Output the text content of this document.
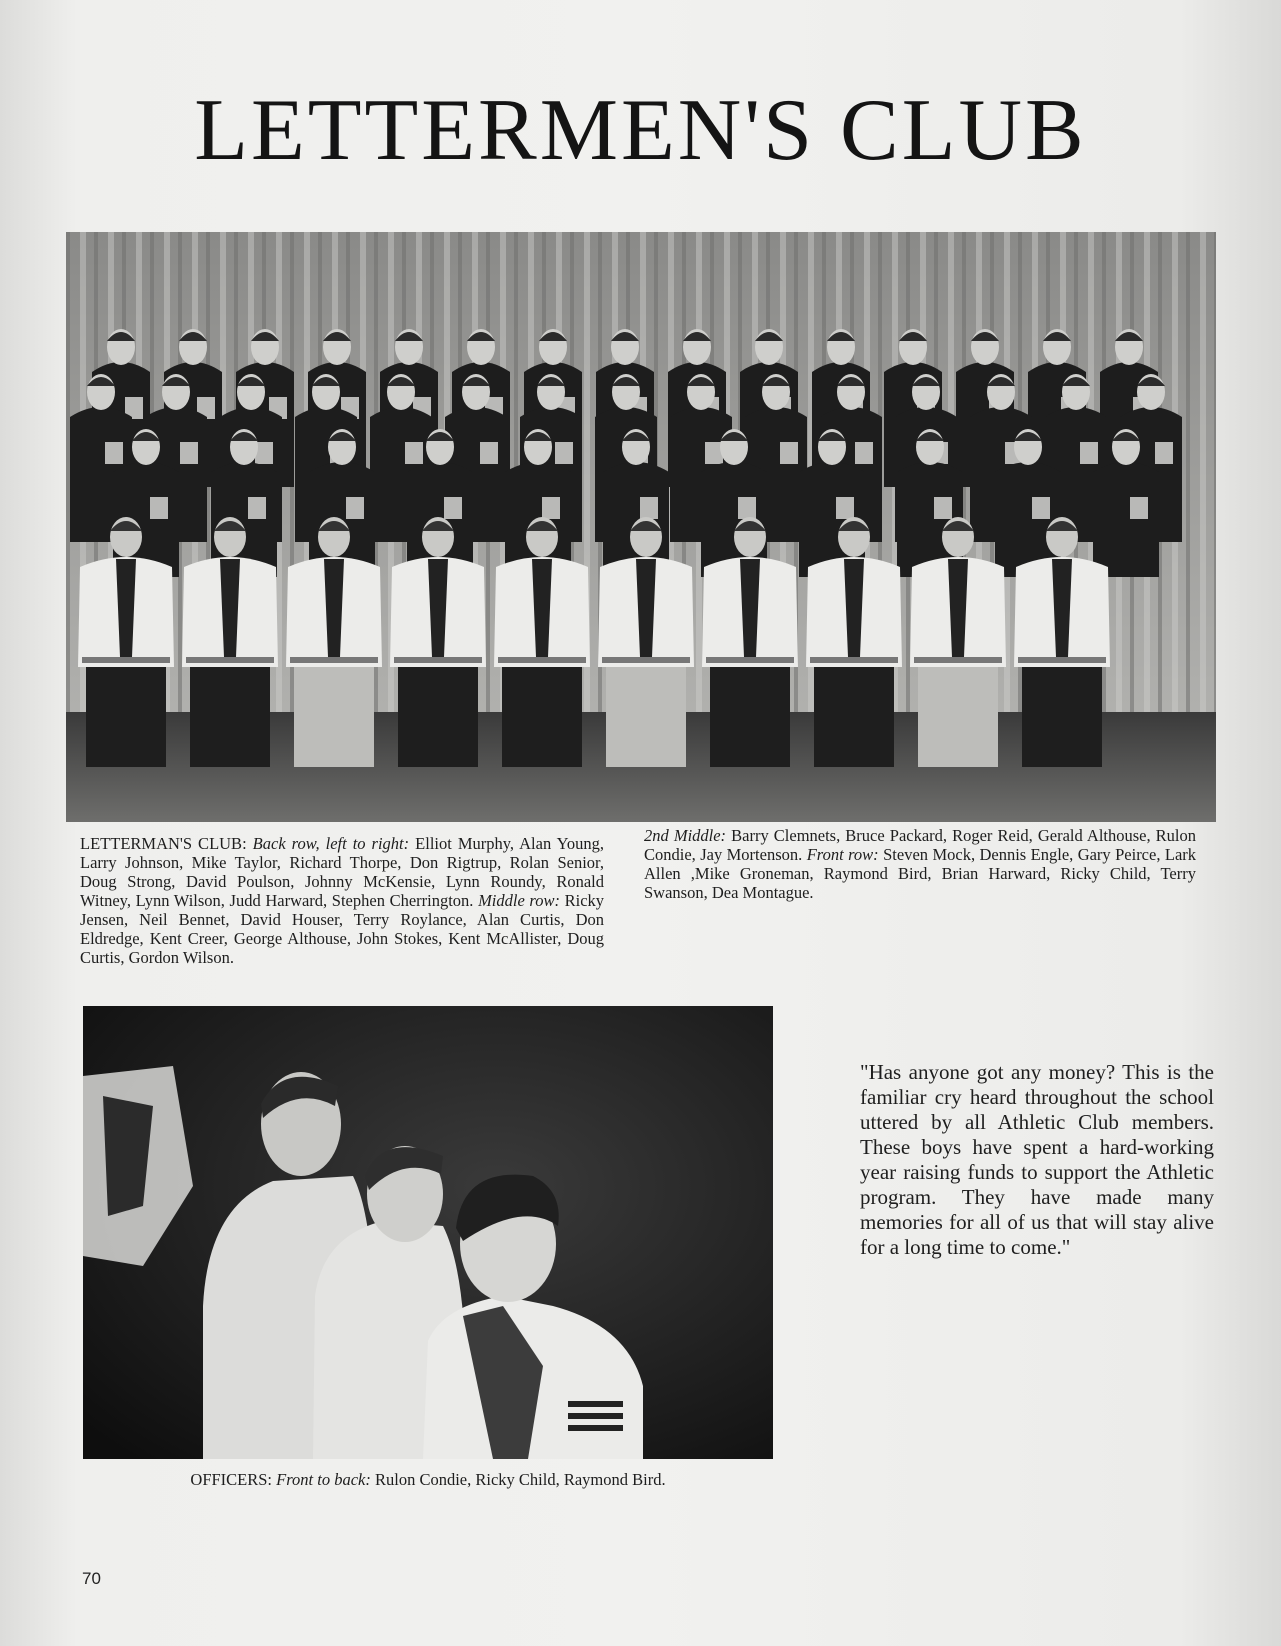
LETTERMEN'S CLUB
LETTERMAN'S CLUB: Back row, left to right: Elliot Murphy, Alan Young, Larry Johnson, Mike Taylor, Richard Thorpe, Don Rigtrup, Rolan Senior, Doug Strong, David Poulson, Johnny McKensie, Lynn Roundy, Ronald Witney, Lynn Wilson, Judd Harward, Stephen Cherrington. Middle row: Ricky Jensen, Neil Bennet, David Houser, Terry Roylance, Alan Curtis, Don Eldredge, Kent Creer, George Althouse, John Stokes, Kent McAllister, Doug Curtis, Gordon Wilson.
2nd Middle: Barry Clemnets, Bruce Packard, Roger Reid, Gerald Althouse, Rulon Condie, Jay Mortenson. Front row: Steven Mock, Dennis Engle, Gary Peirce, Lark Allen ,Mike Groneman, Raymond Bird, Brian Harward, Ricky Child, Terry Swanson, Dea Montague.
OFFICERS: Front to back: Rulon Condie, Ricky Child, Raymond Bird.
"Has anyone got any money? This is the familiar cry heard throughout the school uttered by all Athletic Club members. These boys have spent a hard-working year raising funds to support the Athletic program. They have made many memories for all of us that will stay alive for a long time to come."
70
